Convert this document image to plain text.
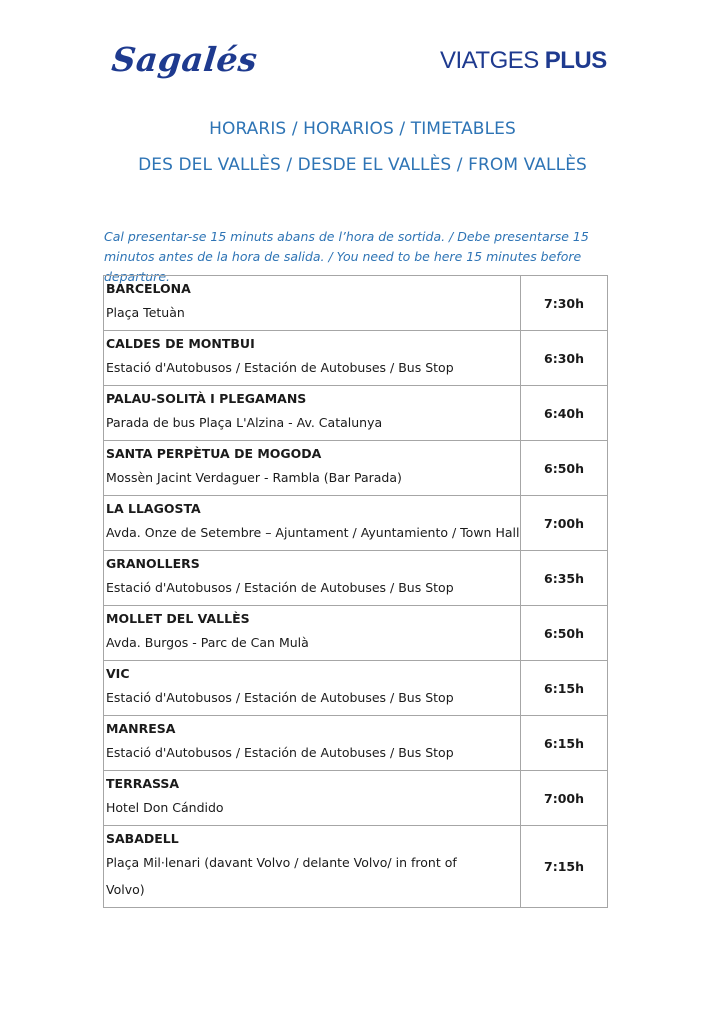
Sagalés	VIATGES PLUS
HORARIS / HORARIOS / TIMETABLES
DES DEL VALLÈS / DESDE EL VALLÈS / FROM VALLÈS
Cal presentar-se 15 minuts abans de l’hora de sortida. / Debe presentarse 15 minutos antes de la hora de salida. / You need to be here 15 minutes before departure.
BARCELONA
Plaça Tetuàn	7:30h

CALDES DE MONTBUI
Estació d'Autobusos / Estación de Autobuses / Bus Stop	6:30h

PALAU-SOLITÀ I PLEGAMANS
Parada de bus Plaça L'Alzina - Av. Catalunya	6:40h

SANTA PERPÈTUA DE MOGODA
Mossèn Jacint Verdaguer - Rambla (Bar Parada)	6:50h

LA LLAGOSTA
Avda. Onze de Setembre – Ajuntament / Ayuntamiento / Town Hall	7:00h

GRANOLLERS
Estació d'Autobusos / Estación de Autobuses / Bus Stop	6:35h

MOLLET DEL VALLÈS
Avda. Burgos - Parc de Can Mulà	6:50h

VIC
Estació d'Autobusos / Estación de Autobuses / Bus Stop	6:15h

MANRESA
Estació d'Autobusos / Estación de Autobuses / Bus Stop	6:15h

TERRASSA
Hotel Don Cándido	7:00h

SABADELL
Plaça Mil·lenari (davant Volvo / delante Volvo/ in front of Volvo)	7:15h
